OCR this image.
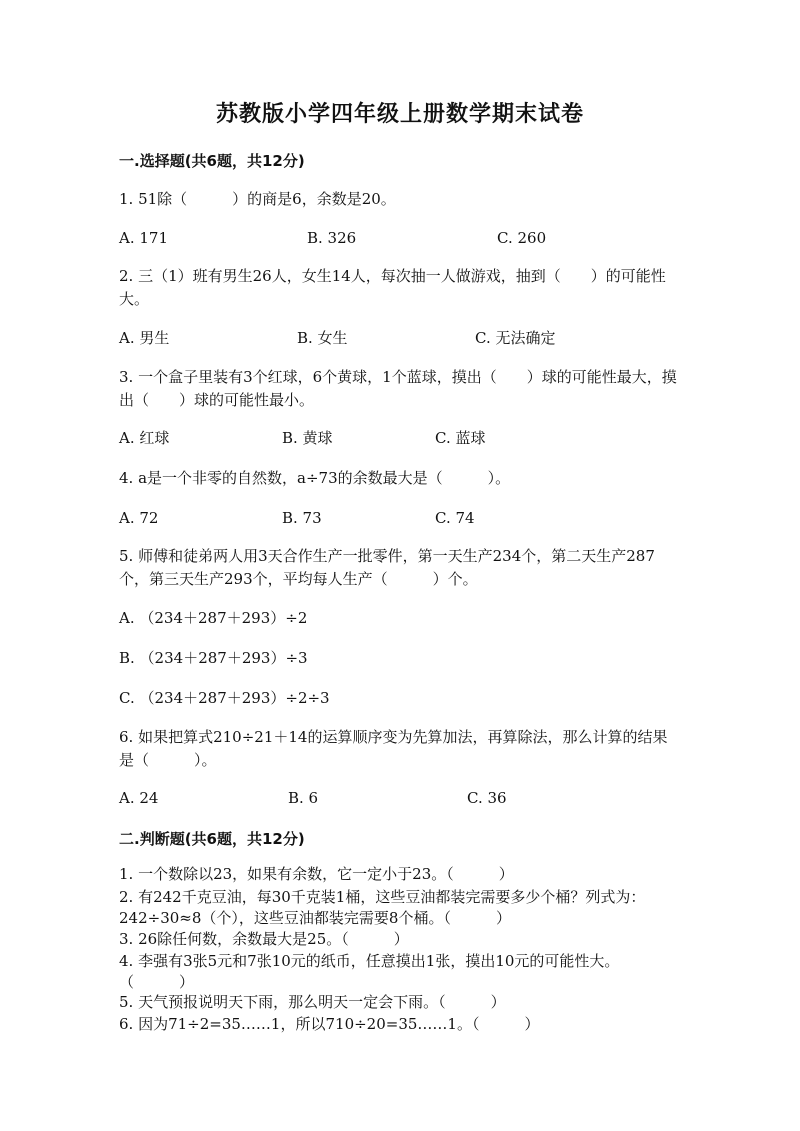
苏教版小学四年级上册数学期末试卷
一.选择题(共6题，共12分)
1. 51除（　　　）的商是6，余数是20。
A. 171	B. 326	C. 260
2. 三（1）班有男生26人，女生14人，每次抽一人做游戏，抽到（　　）的可能性大。
A. 男生	B. 女生	C. 无法确定
3. 一个盒子里装有3个红球，6个黄球，1个蓝球，摸出（　　）球的可能性最大，摸出（　　）球的可能性最小。
A. 红球	B. 黄球	C. 蓝球
4. a是一个非零的自然数，a÷73的余数最大是（　　　）。
A. 72	B. 73	C. 74
5. 师傅和徒弟两人用3天合作生产一批零件，第一天生产234个，第二天生产287个，第三天生产293个，平均每人生产（　　　）个。
A. （234＋287＋293）÷2
B. （234＋287＋293）÷3
C. （234＋287＋293）÷2÷3
6. 如果把算式210÷21＋14的运算顺序变为先算加法，再算除法，那么计算的结果是（　　　）。
A. 24	B. 6	C. 36
二.判断题(共6题，共12分)
1. 一个数除以23，如果有余数，它一定小于23。（　　　）
2. 有242千克豆油，每30千克装1桶，这些豆油都装完需要多少个桶？列式为：242÷30≈8（个），这些豆油都装完需要8个桶。（　　　）
3. 26除任何数，余数最大是25。（　　　）
4. 李强有3张5元和7张10元的纸币，任意摸出1张，摸出10元的可能性大。　（　　　）
5. 天气预报说明天下雨，那么明天一定会下雨。（　　　）
6. 因为71÷2=35……1，所以710÷20=35……1。（　　　）
